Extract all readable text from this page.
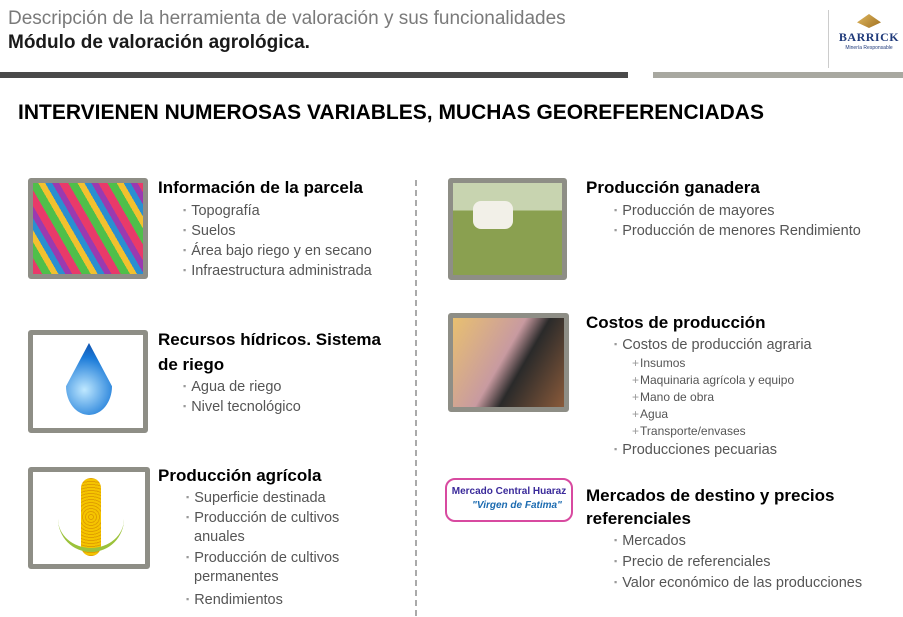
Descripción de la herramienta de valoración y sus funcionalidades
Módulo de valoración agrológica.	BARRICK
Minería Responsable
INTERVIENEN NUMEROSAS VARIABLES, MUCHAS GEOREFERENCIADAS
Información de la parcela
▪ Topografía
▪ Suelos
▪ Área bajo riego y en secano
▪ Infraestructura administrada
Recursos hídricos. Sistema
de riego
▪ Agua de riego
▪ Nivel tecnológico
Producción agrícola
▪ Superficie destinada
▪ Producción de cultivos
anuales
▪ Producción de cultivos
permanentes
▪ Rendimientos
Producción ganadera
▪ Producción de mayores
▪ Producción de menores Rendimiento
Costos de producción
▪ Costos de producción agraria
+ Insumos
+ Maquinaria agrícola y equipo
+ Mano de obra
+ Agua
+ Transporte/envases
▪ Producciones pecuarias
Mercado Central Huaraz
"Virgen de Fatima"
Mercados de destino y precios
referenciales
▪ Mercados
▪ Precio de referenciales
▪ Valor económico de las producciones
